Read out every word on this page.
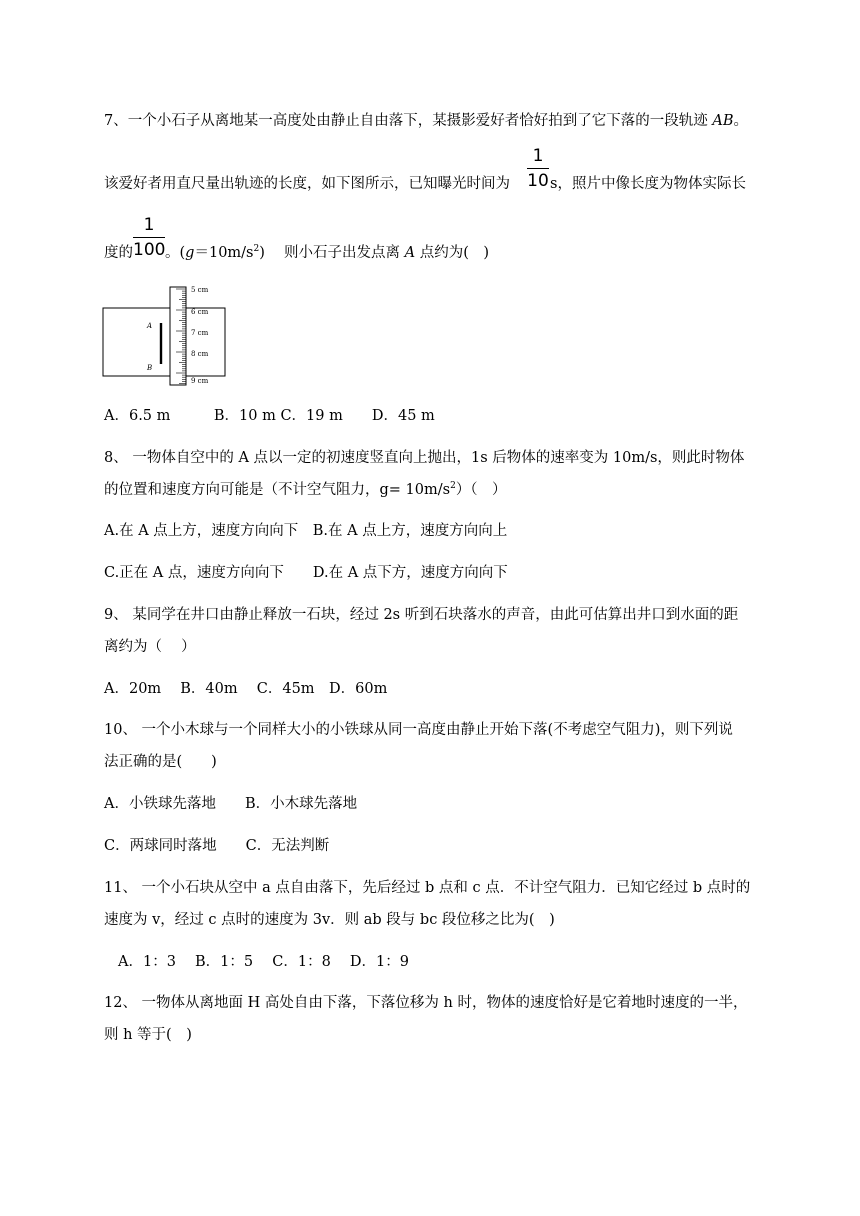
7、一个小石子从离地某一高度处由静止自由落下，某摄影爱好者恰好拍到了它下落的一段轨迹 AB。
该爱好者用直尺量出轨迹的长度，如下图所示，已知曝光时间为
1
10 s，照片中像长度为物体实际长
度的
1
100 。$(g=10m/s^2)$　 则小石子出发点离 A 点约为(　)
A
B
5 cm
6 cm
7 cm
8 cm
9 cm
A．6.5 m　　　B．10 m C．19 m　　D．45 m
8、 一物体自空中的 A 点以一定的初速度竖直向上抛出，1s 后物体的速率变为 10m/s，则此时物体
的位置和速度方向可能是（不计空气阻力，$g= 10m/s^2$）（　）
A.在 A 点上方，速度方向向下　B.在 A 点上方，速度方向向上
C.正在 A 点，速度方向向下　　D.在 A 点下方，速度方向向下
9、 某同学在井口由静止释放一石块，经过 2s 听到石块落水的声音，由此可估算出井口到水面的距
离约为（　 ）
A．20m　 B．40m　 C．45m　D．60m
10、 一个小木球与一个同样大小的小铁球从同一高度由静止开始下落(不考虑空气阻力)，则下列说
法正确的是(　　)
A．小铁球先落地　　B．小木球先落地
C．两球同时落地　　C．无法判断
11、 一个小石块从空中 a 点自由落下，先后经过 b 点和 c 点．不计空气阻力．已知它经过 b 点时的
速度为 v，经过 c 点时的速度为 3v．则 ab 段与 bc 段位移之比为(　)
A．1：3　 B．1：5　 C．1：8　 D．1：9
12、 一物体从离地面 H 高处自由下落，下落位移为 h 时，物体的速度恰好是它着地时速度的一半，
则 h 等于(　)
